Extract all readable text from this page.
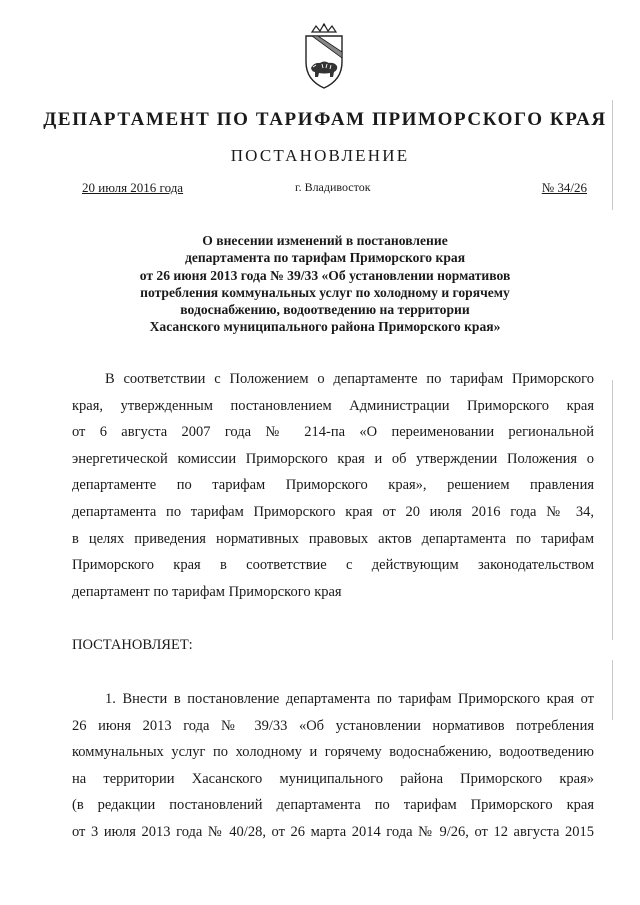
ДЕПАРТАМЕНТ ПО ТАРИФАМ ПРИМОРСКОГО КРАЯ
ПОСТАНОВЛЕНИЕ
20 июля 2016 года	г. Владивосток	№ 34/26
О внесении изменений в постановление
департамента по тарифам Приморского края
от 26 июня 2013 года № 39/33 «Об установлении нормативов
потребления коммунальных услуг по холодному и горячему
водоснабжению, водоотведению на территории
Хасанского муниципального района Приморского края»
В соответствии с Положением о департаменте по тарифам Приморского
края, утвержденным постановлением Администрации Приморского края
от 6 августа 2007 года № 214-па «О переименовании региональной
энергетической комиссии Приморского края и об утверждении Положения о
департаменте по тарифам Приморского края», решением правления
департамента по тарифам Приморского края от 20 июля 2016 года № 34,
в целях приведения нормативных правовых актов департамента по тарифам
Приморского края в соответствие с действующим законодательством
департамент по тарифам Приморского края
ПОСТАНОВЛЯЕТ:
1. Внести в постановление департамента по тарифам Приморского края от
26 июня 2013 года № 39/33 «Об установлении нормативов потребления
коммунальных услуг по холодному и горячему водоснабжению, водоотведению
на территории Хасанского муниципального района Приморского края»
(в редакции постановлений департамента по тарифам Приморского края
от 3 июля 2013 года № 40/28, от 26 марта 2014 года № 9/26, от 12 августа 2015
